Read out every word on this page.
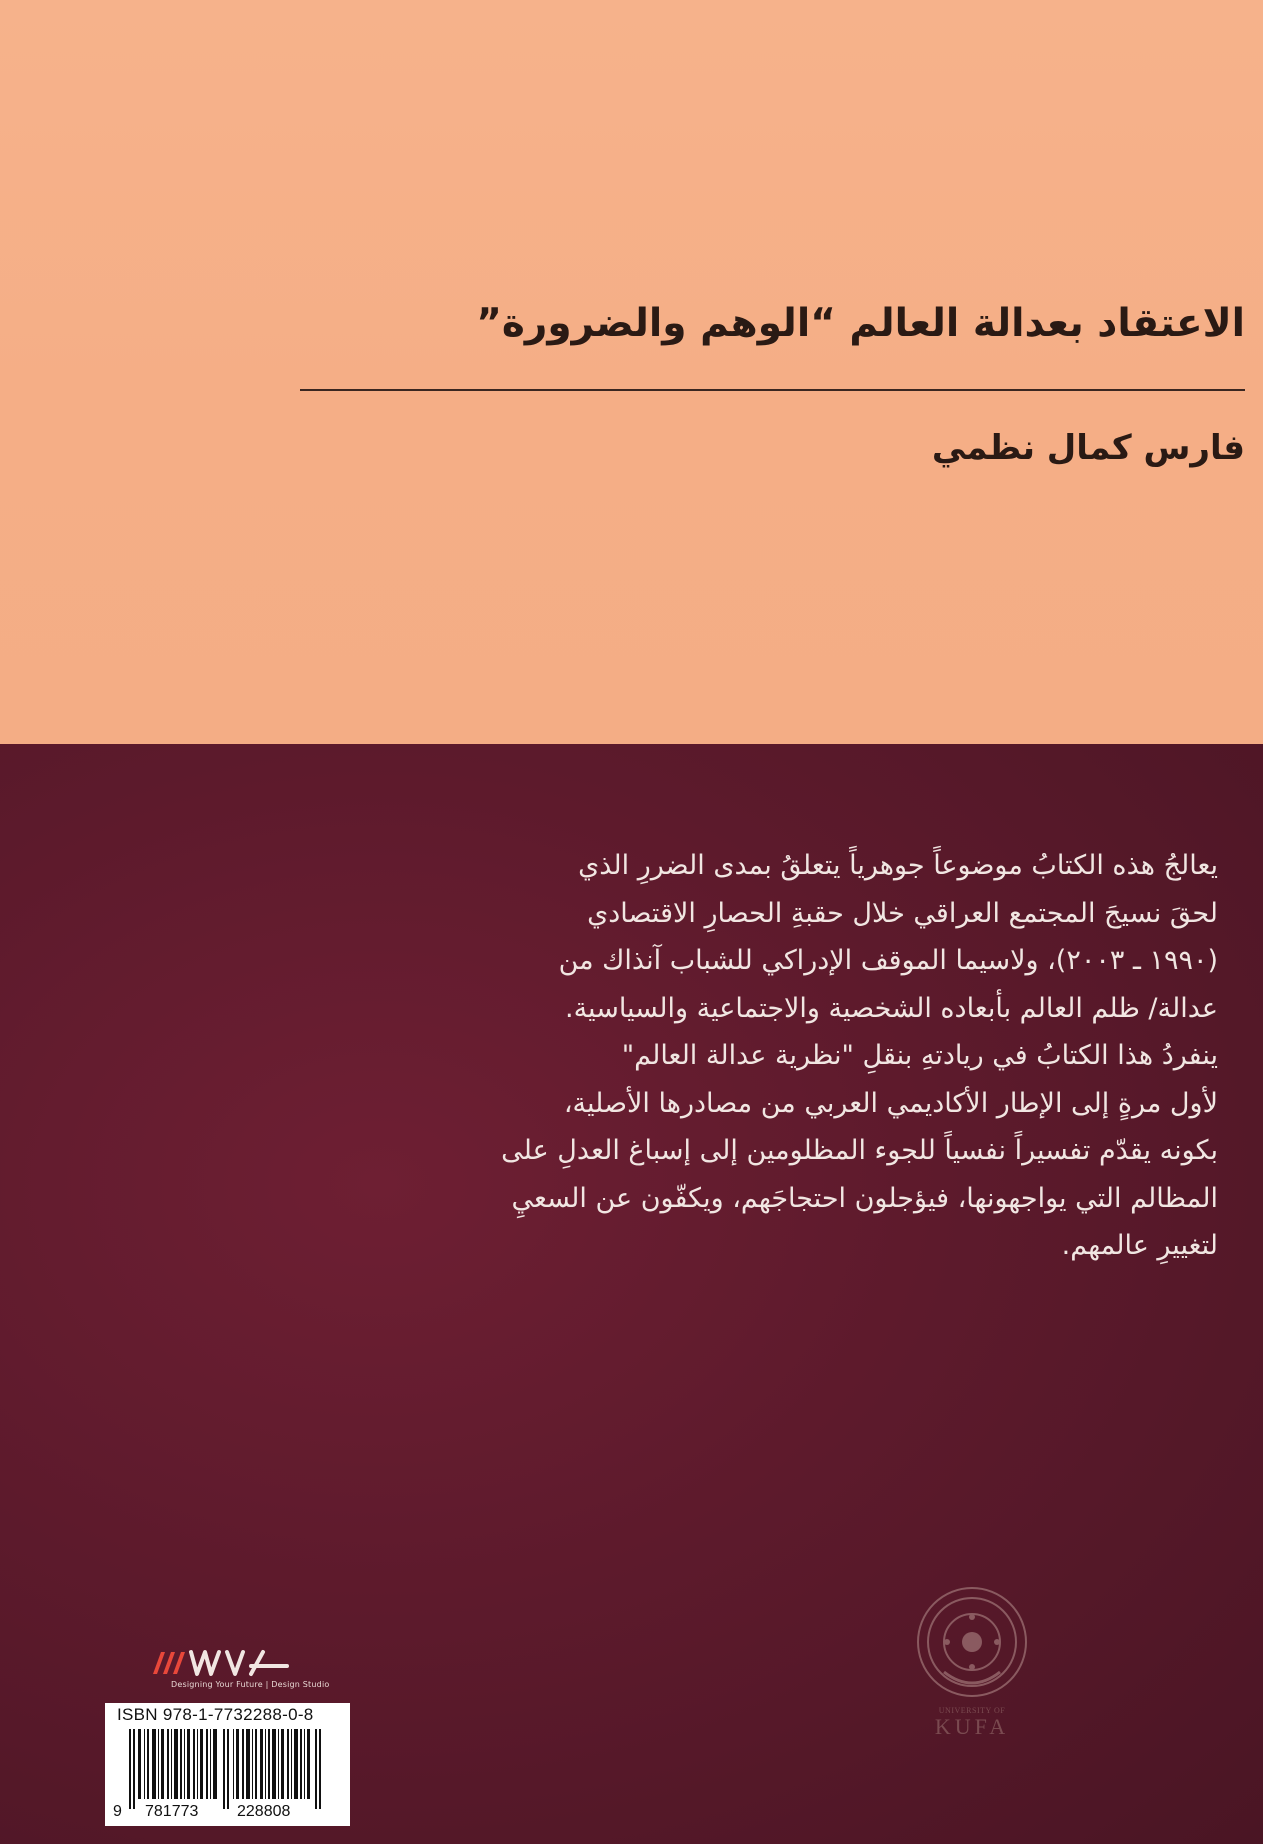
الاعتقاد بعدالة العالم “الوهم والضرورة”
فارس كمال نظمي

يعالجُ هذه الكتابُ موضوعاً جوهرياً يتعلقُ بمدى الضررِ الذي
لحقَ نسيجَ المجتمع العراقي خلال حقبةِ الحصارِ الاقتصادي
(١٩٩٠ ـ ٢٠٠٣)، ولاسيما الموقف الإدراكي للشباب آنذاك من
عدالة/ ظلم العالم بأبعاده الشخصية والاجتماعية والسياسية.
ينفردُ هذا الكتابُ في ريادتهِ بنقلِ "نظرية عدالة العالم"
لأول مرةٍ إلى الإطار الأكاديمي العربي من مصادرها الأصلية،
بكونه يقدّم تفسيراً نفسياً للجوء المظلومين إلى إسباغ العدلِ على
المظالم التي يواجهونها، فيؤجلون احتجاجَهم، ويكفّون عن السعيِ
لتغييرِ عالمهم.

Designing Your Future | Design Studio
ISBN 978-1-7732288-0-8
9 781773 228808
UNIVERSITY OF
KUFA
